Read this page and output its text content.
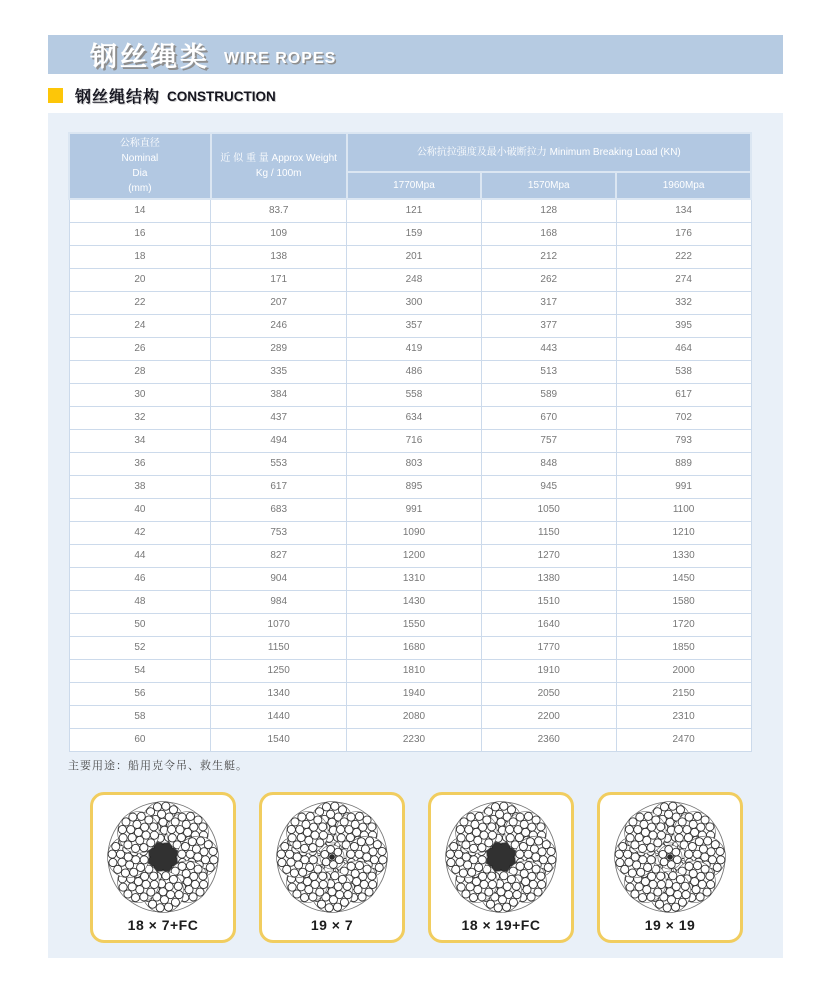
钢丝绳类 WIRE ROPES
钢丝绳结构 CONSTRUCTION
公称直径
Nominal
Dia
(mm)

近 似 重 量 Approx Weight
Kg / 100m
	公称抗拉强度及最小破断拉力 Minimum Breaking Load (KN)
		1770Mpa	1570Mpa	1960Mpa
14	83.7	121	128	134
16	109	159	168	176
18	138	201	212	222
20	171	248	262	274
22	207	300	317	332
24	246	357	377	395
26	289	419	443	464
28	335	486	513	538
30	384	558	589	617
32	437	634	670	702
34	494	716	757	793
36	553	803	848	889
38	617	895	945	991
40	683	991	1050	1100
42	753	1090	1150	1210
44	827	1200	1270	1330
46	904	1310	1380	1450
48	984	1430	1510	1580
50	1070	1550	1640	1720
52	1150	1680	1770	1850
54	1250	1810	1910	2000
56	1340	1940	2050	2150
58	1440	2080	2200	2310
60	1540	2230	2360	2470
主要用途：船用克令吊、救生艇。
18 × 7+FC	19 × 7	18 × 19+FC	19 × 19
